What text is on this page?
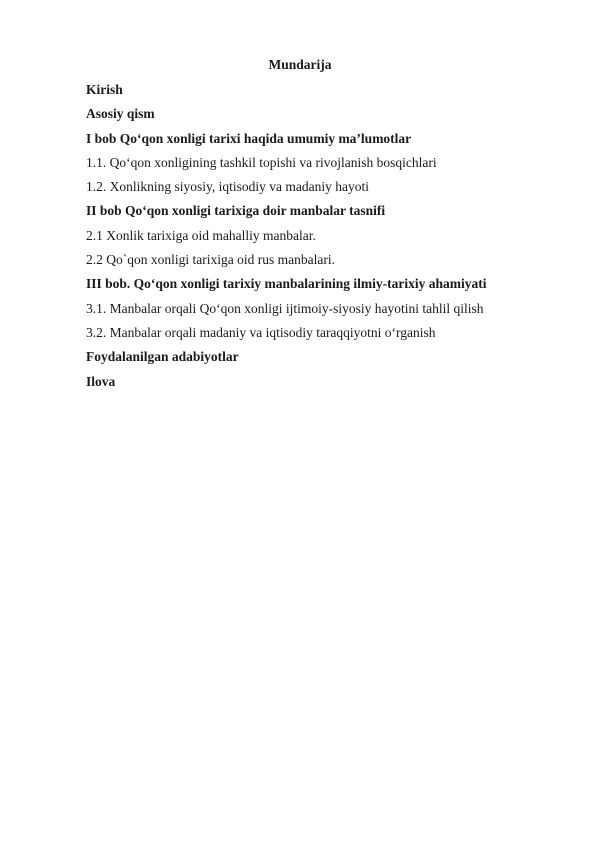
Mundarija
Kirish
Asosiy qism
I bob Qo‘qon xonligi tarixi haqida umumiy ma’lumotlar
1.1. Qo‘qon xonligining tashkil topishi va rivojlanish bosqichlari
1.2. Xonlikning siyosiy, iqtisodiy va madaniy hayoti
II bob Qo‘qon xonligi tarixiga doir manbalar tasnifi
2.1 Xonlik tarixiga oid mahalliy manbalar.
2.2 Qo`qon xonligi tarixiga oid rus manbalari.
III bob. Qo‘qon xonligi tarixiy manbalarining ilmiy-tarixiy ahamiyati
3.1. Manbalar orqali Qo‘qon xonligi ijtimoiy-siyosiy hayotini tahlil qilish
3.2. Manbalar orqali madaniy va iqtisodiy taraqqiyotni o‘rganish
Foydalanilgan adabiyotlar
Ilova
